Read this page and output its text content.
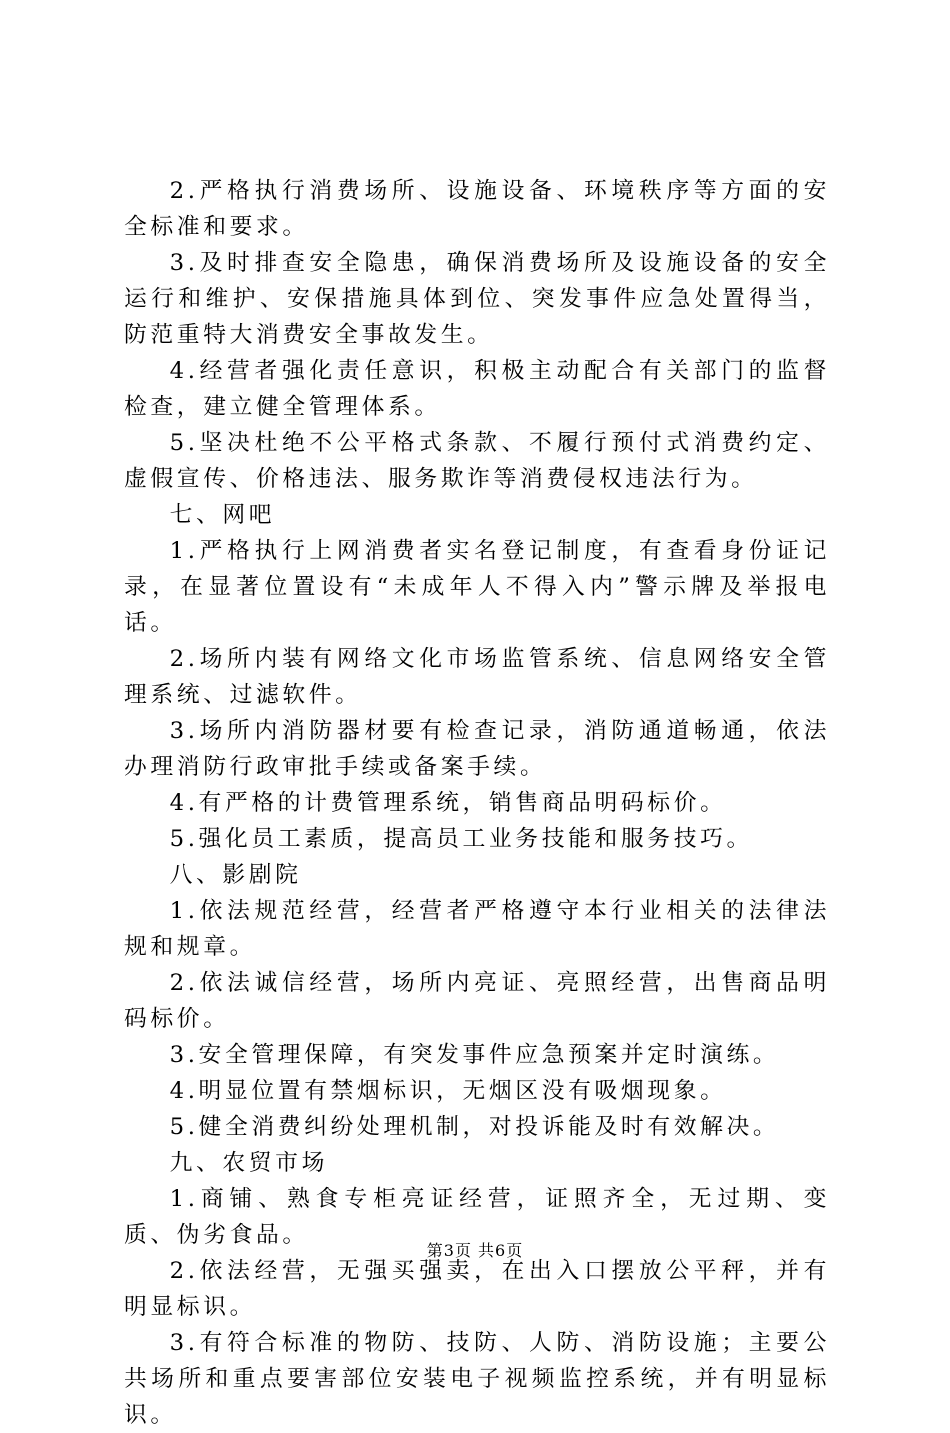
2.严格执行消费场所、设施设备、环境秩序等方面的安全标准和要求。

3.及时排查安全隐患，确保消费场所及设施设备的安全运行和维护、安保措施具体到位、突发事件应急处置得当，防范重特大消费安全事故发生。

4.经营者强化责任意识，积极主动配合有关部门的监督检查，建立健全管理体系。

5.坚决杜绝不公平格式条款、不履行预付式消费约定、虚假宣传、价格违法、服务欺诈等消费侵权违法行为。

七、网吧

1.严格执行上网消费者实名登记制度，有查看身份证记录，在显著位置设有“未成年人不得入内”警示牌及举报电话。

2.场所内装有网络文化市场监管系统、信息网络安全管理系统、过滤软件。

3.场所内消防器材要有检查记录，消防通道畅通，依法办理消防行政审批手续或备案手续。

4.有严格的计费管理系统，销售商品明码标价。

5.强化员工素质，提高员工业务技能和服务技巧。

八、影剧院

1.依法规范经营，经营者严格遵守本行业相关的法律法规和规章。

2.依法诚信经营，场所内亮证、亮照经营，出售商品明码标价。

3.安全管理保障，有突发事件应急预案并定时演练。

4.明显位置有禁烟标识，无烟区没有吸烟现象。

5.健全消费纠纷处理机制，对投诉能及时有效解决。

九、农贸市场

1.商铺、熟食专柜亮证经营，证照齐全，无过期、变质、伪劣食品。

2.依法经营，无强买强卖，在出入口摆放公平秤，并有明显标识。

3.有符合标准的物防、技防、人防、消防设施；主要公共场所和重点要害部位安装电子视频监控系统，并有明显标识。

第3页 共6页
